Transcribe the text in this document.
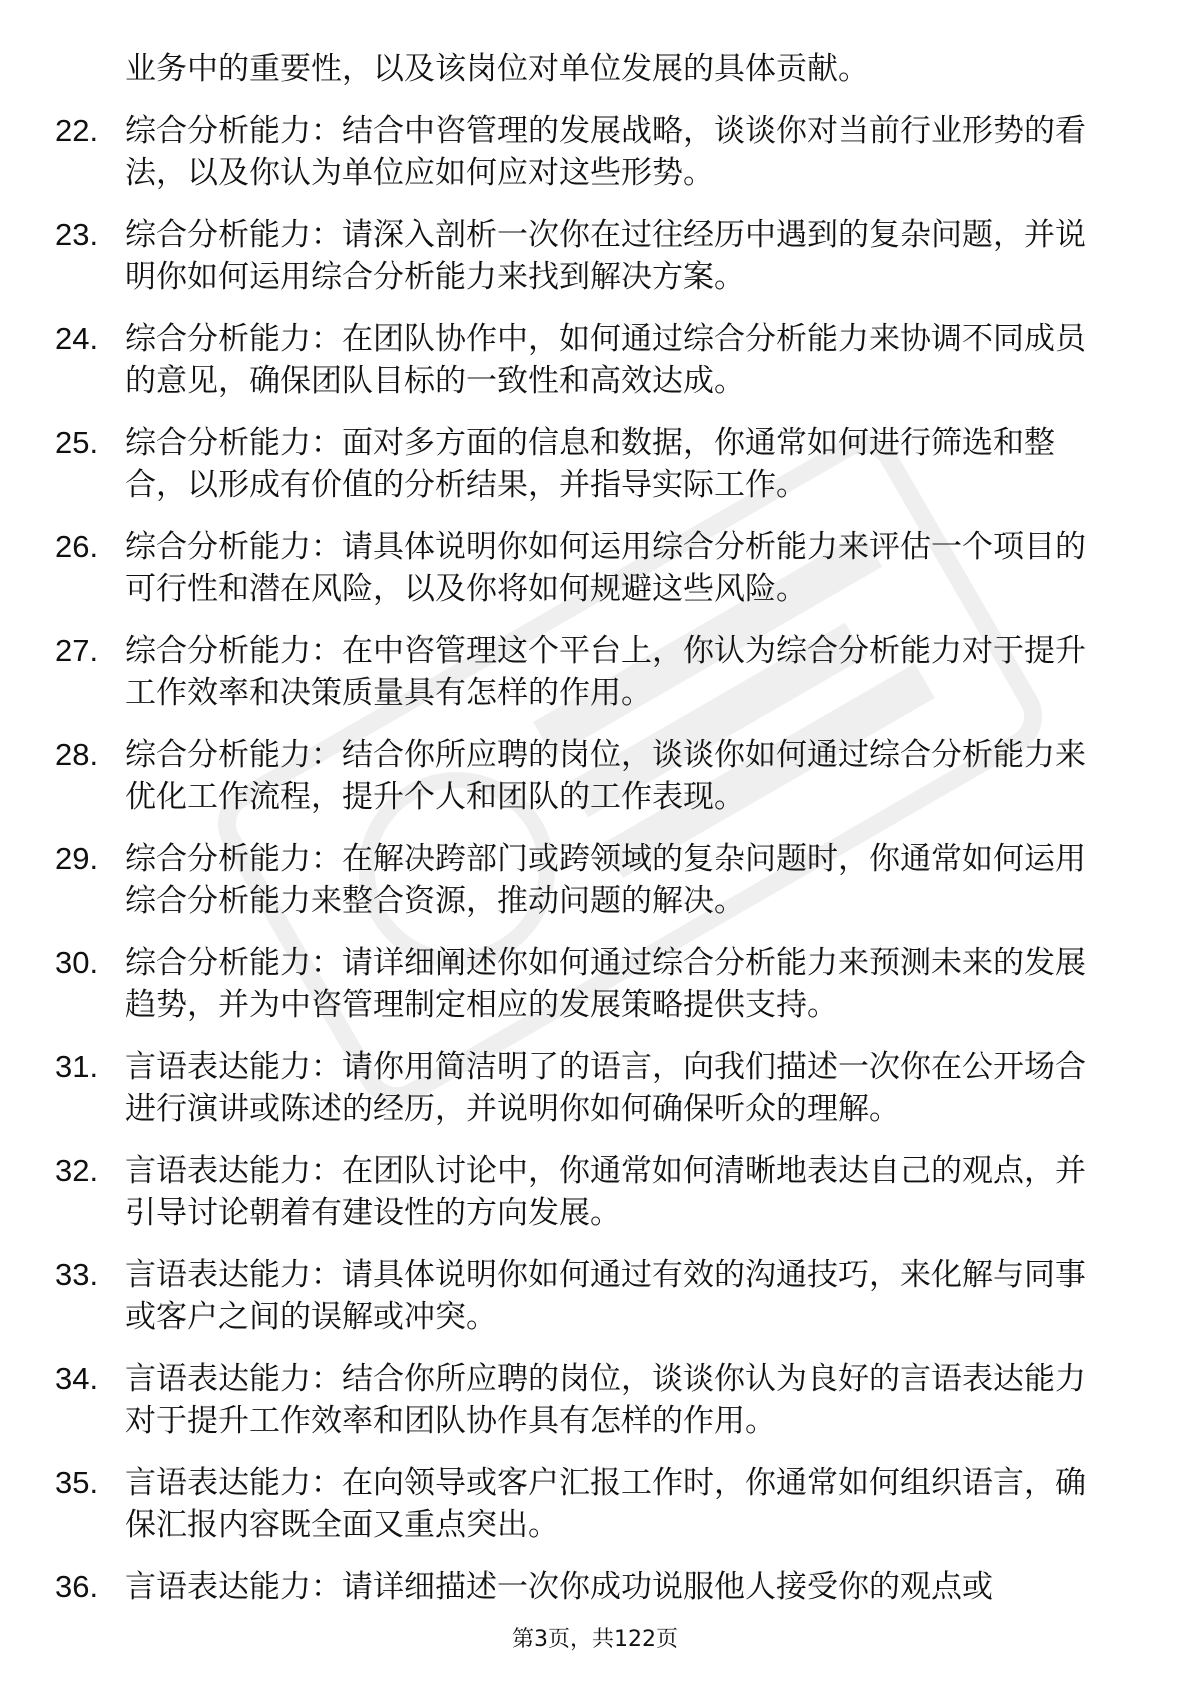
业务中的重要性，以及该岗位对单位发展的具体贡献。
22. 综合分析能力：结合中咨管理的发展战略，谈谈你对当前行业形势的看法，以及你认为单位应如何应对这些形势。
23. 综合分析能力：请深入剖析一次你在过往经历中遇到的复杂问题，并说明你如何运用综合分析能力来找到解决方案。
24. 综合分析能力：在团队协作中，如何通过综合分析能力来协调不同成员的意见，确保团队目标的一致性和高效达成。
25. 综合分析能力：面对多方面的信息和数据，你通常如何进行筛选和整合，以形成有价值的分析结果，并指导实际工作。
26. 综合分析能力：请具体说明你如何运用综合分析能力来评估一个项目的可行性和潜在风险，以及你将如何规避这些风险。
27. 综合分析能力：在中咨管理这个平台上，你认为综合分析能力对于提升工作效率和决策质量具有怎样的作用。
28. 综合分析能力：结合你所应聘的岗位，谈谈你如何通过综合分析能力来优化工作流程，提升个人和团队的工作表现。
29. 综合分析能力：在解决跨部门或跨领域的复杂问题时，你通常如何运用综合分析能力来整合资源，推动问题的解决。
30. 综合分析能力：请详细阐述你如何通过综合分析能力来预测未来的发展趋势，并为中咨管理制定相应的发展策略提供支持。
31. 言语表达能力：请你用简洁明了的语言，向我们描述一次你在公开场合进行演讲或陈述的经历，并说明你如何确保听众的理解。
32. 言语表达能力：在团队讨论中，你通常如何清晰地表达自己的观点，并引导讨论朝着有建设性的方向发展。
33. 言语表达能力：请具体说明你如何通过有效的沟通技巧，来化解与同事或客户之间的误解或冲突。
34. 言语表达能力：结合你所应聘的岗位，谈谈你认为良好的言语表达能力对于提升工作效率和团队协作具有怎样的作用。
35. 言语表达能力：在向领导或客户汇报工作时，你通常如何组织语言，确保汇报内容既全面又重点突出。
36. 言语表达能力：请详细描述一次你成功说服他人接受你的观点或
第3页，共122页
